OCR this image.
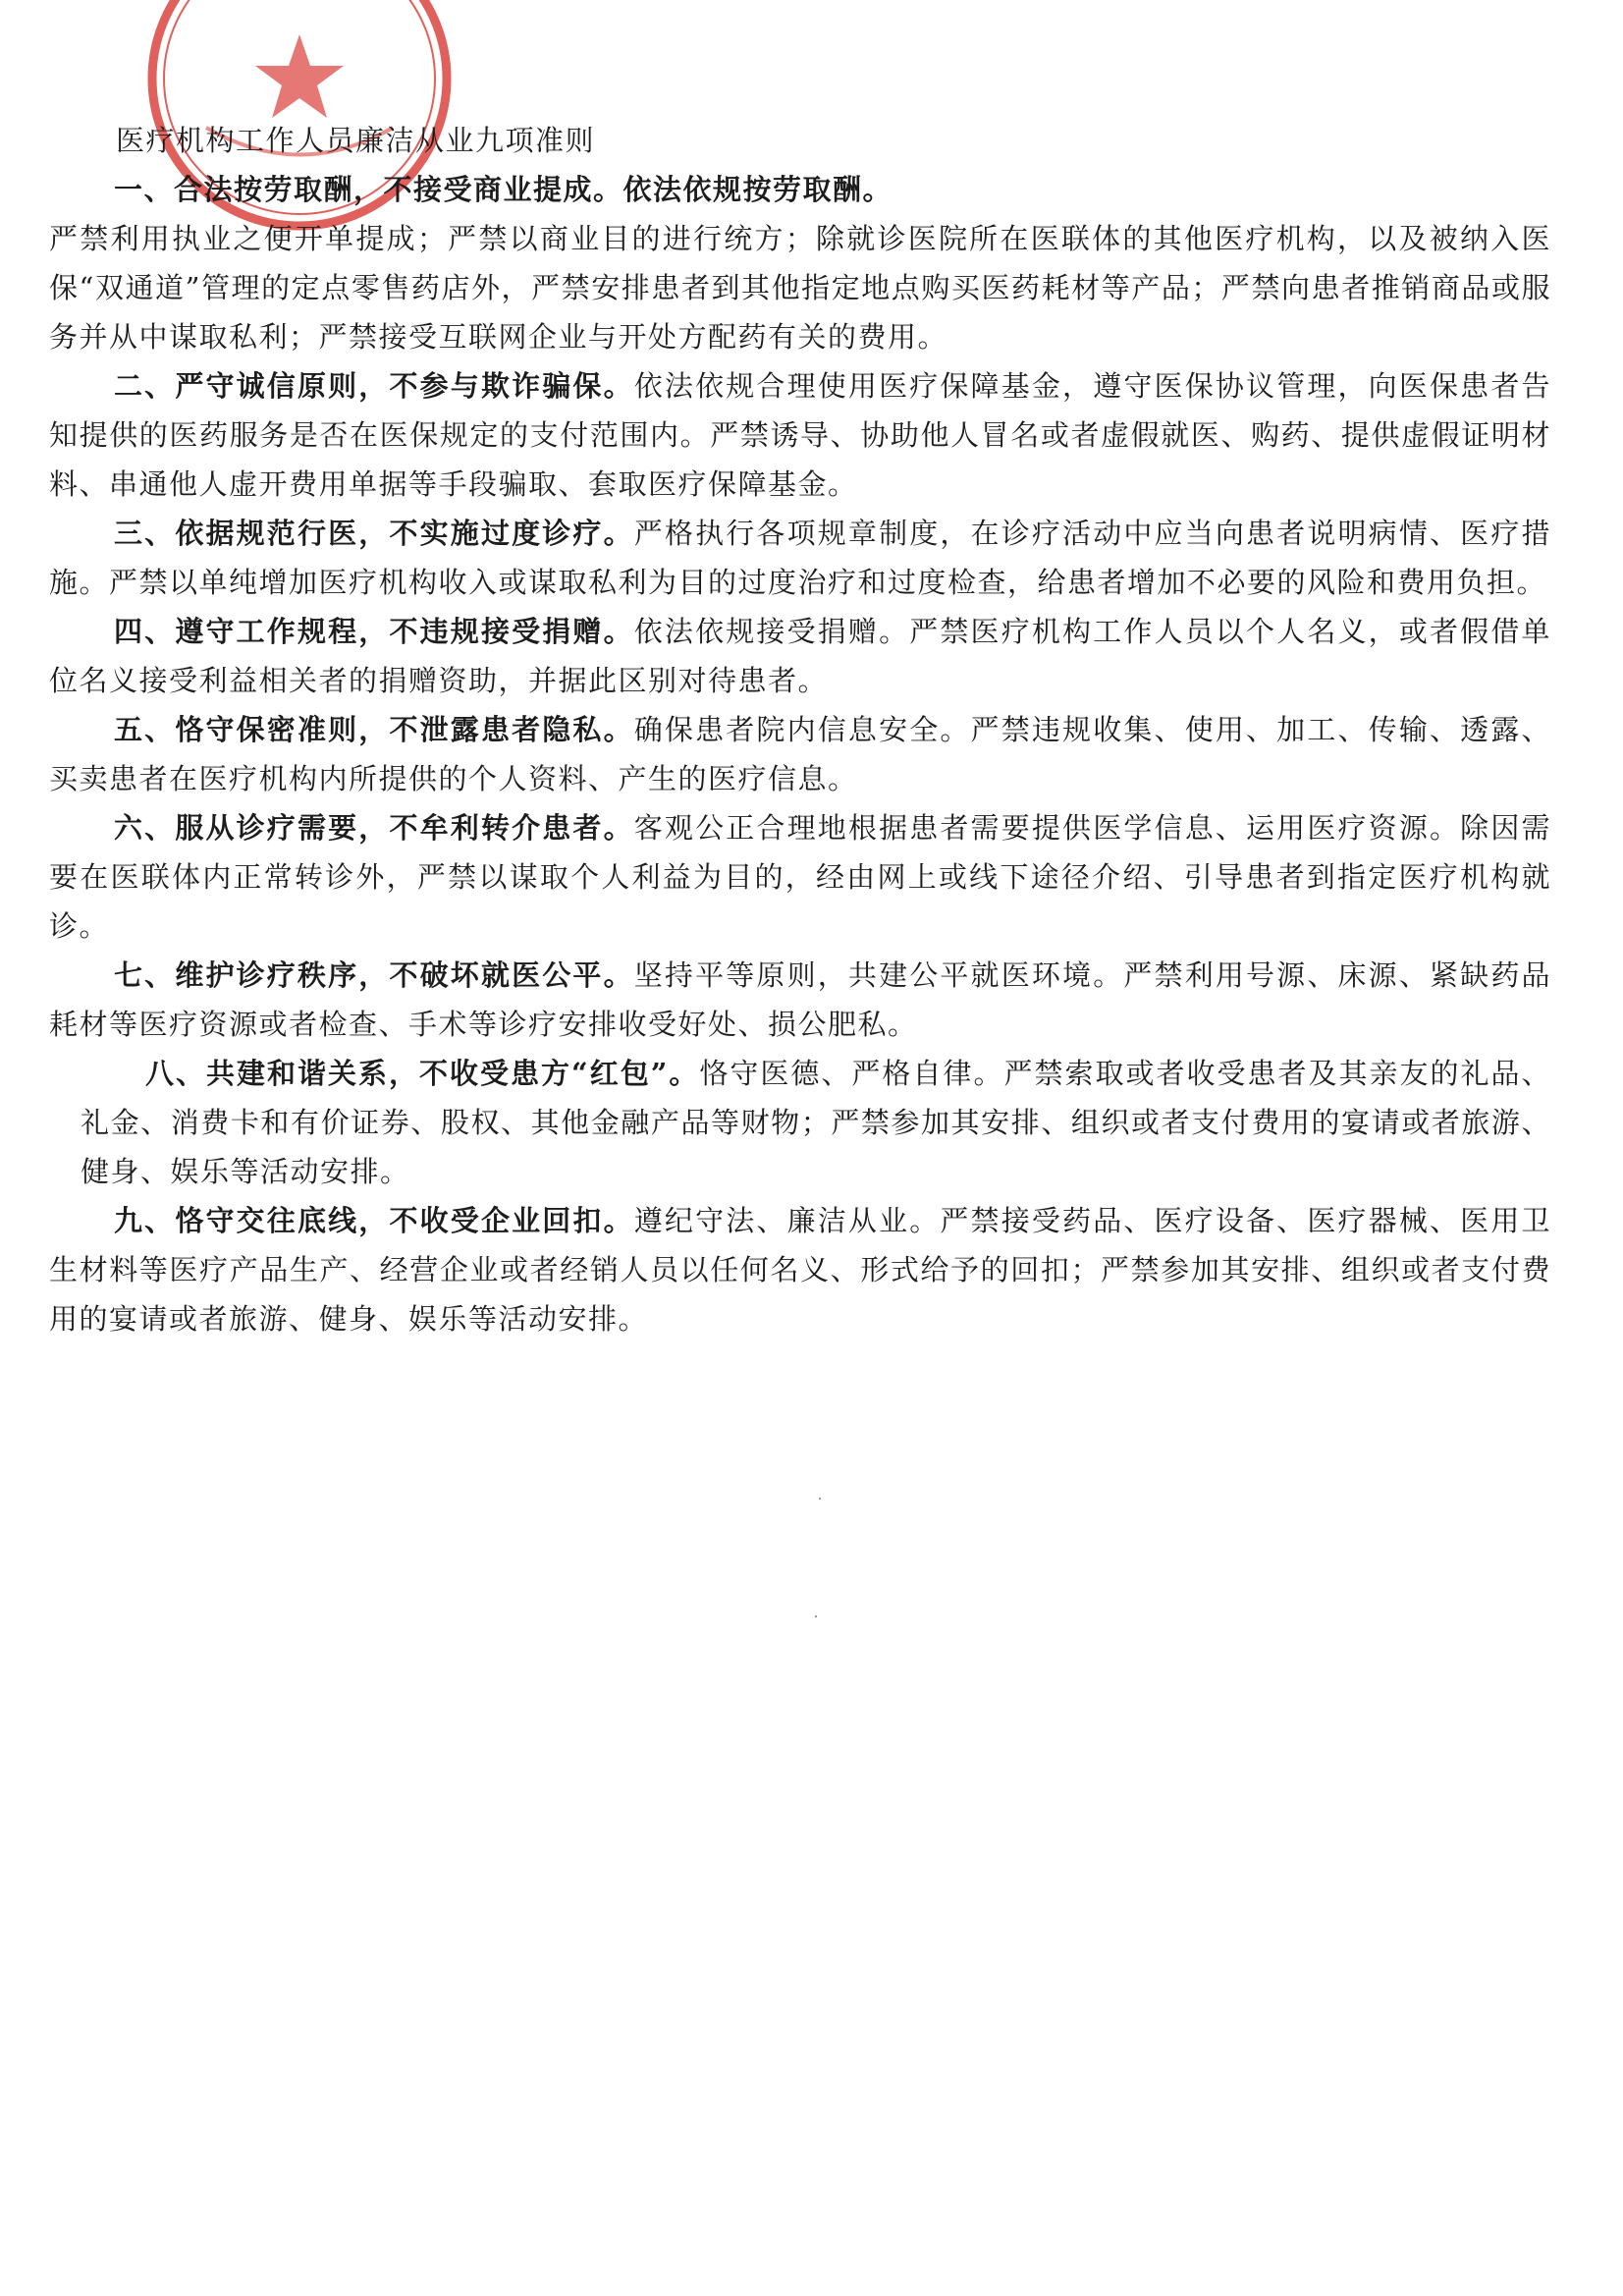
医疗机构工作人员廉洁从业九项准则

一、合法按劳取酬，不接受商业提成。依法依规按劳取酬。
严禁利用执业之便开单提成；严禁以商业目的进行统方；除就诊医院所在医联体的其他医疗机构，以及被纳入医保“双通道”管理的定点零售药店外，严禁安排患者到其他指定地点购买医药耗材等产品；严禁向患者推销商品或服务并从中谋取私利；严禁接受互联网企业与开处方配药有关的费用。

二、严守诚信原则，不参与欺诈骗保。依法依规合理使用医疗保障基金，遵守医保协议管理，向医保患者告知提供的医药服务是否在医保规定的支付范围内。严禁诱导、协助他人冒名或者虚假就医、购药、提供虚假证明材料、串通他人虚开费用单据等手段骗取、套取医疗保障基金。

三、依据规范行医，不实施过度诊疗。严格执行各项规章制度，在诊疗活动中应当向患者说明病情、医疗措施。严禁以单纯增加医疗机构收入或谋取私利为目的过度治疗和过度检查，给患者增加不必要的风险和费用负担。

四、遵守工作规程，不违规接受捐赠。依法依规接受捐赠。严禁医疗机构工作人员以个人名义，或者假借单位名义接受利益相关者的捐赠资助，并据此区别对待患者。

五、恪守保密准则，不泄露患者隐私。确保患者院内信息安全。严禁违规收集、使用、加工、传输、透露、买卖患者在医疗机构内所提供的个人资料、产生的医疗信息。

六、服从诊疗需要，不牟利转介患者。客观公正合理地根据患者需要提供医学信息、运用医疗资源。除因需要在医联体内正常转诊外，严禁以谋取个人利益为目的，经由网上或线下途径介绍、引导患者到指定医疗机构就诊。

七、维护诊疗秩序，不破坏就医公平。坚持平等原则，共建公平就医环境。严禁利用号源、床源、紧缺药品耗材等医疗资源或者检查、手术等诊疗安排收受好处、损公肥私。

八、共建和谐关系，不收受患方“红包”。恪守医德、严格自律。严禁索取或者收受患者及其亲友的礼品、礼金、消费卡和有价证券、股权、其他金融产品等财物；严禁参加其安排、组织或者支付费用的宴请或者旅游、健身、娱乐等活动安排。

九、恪守交往底线，不收受企业回扣。遵纪守法、廉洁从业。严禁接受药品、医疗设备、医疗器械、医用卫生材料等医疗产品生产、经营企业或者经销人员以任何名义、形式给予的回扣；严禁参加其安排、组织或者支付费用的宴请或者旅游、健身、娱乐等活动安排。
